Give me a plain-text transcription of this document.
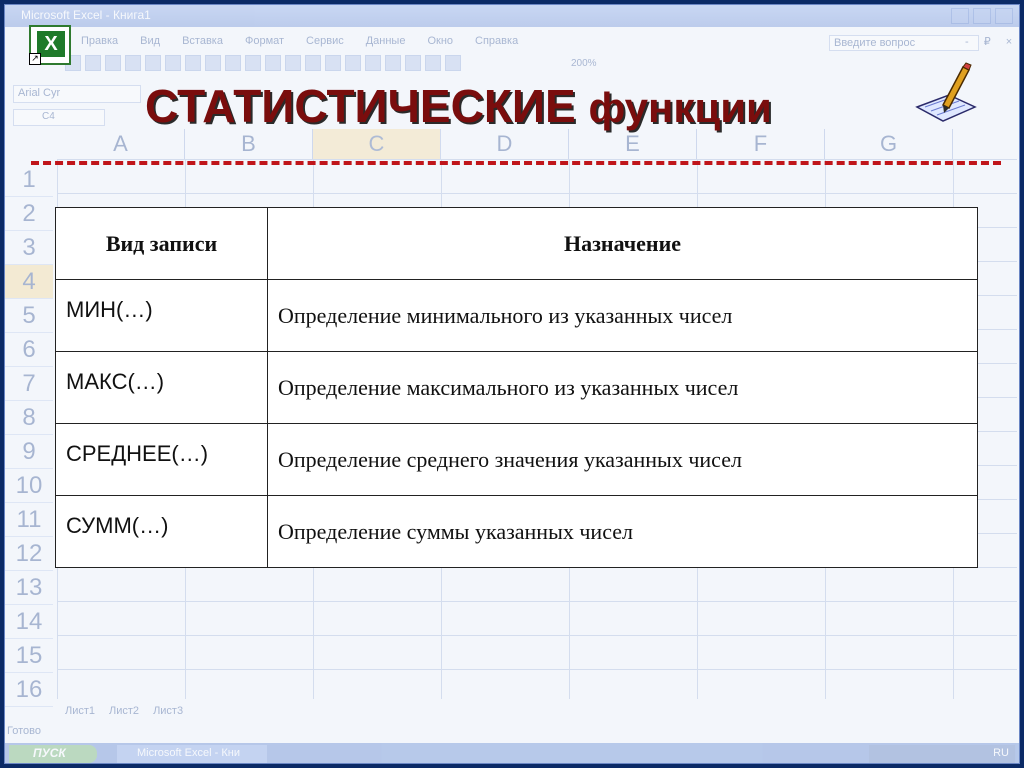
Microsoft Excel - Книга1
Правка Вид Вставка Формат Сервис Данные Окно Справка	Введите вопрос	- ₽ ×
200%
Arial Cyr
C4
A	B	C	D	E	F	G
1
2
3
4
5
6
7
8
9
10
11
12
13
14
15
16
Лист1 Лист2 Лист3
Готово
ПУСК	Microsoft Excel - Кни	RU
X
↗
СТАТИСТИЧЕСКИЕ функции
Вид записи	Назначение
МИН(…)	Определение минимального из указанных чисел
МАКС(…)	Определение максимального из указанных чисел
СРЕДНЕЕ(…)	Определение среднего значения указанных чисел
СУММ(…)	Определение суммы указанных чисел
